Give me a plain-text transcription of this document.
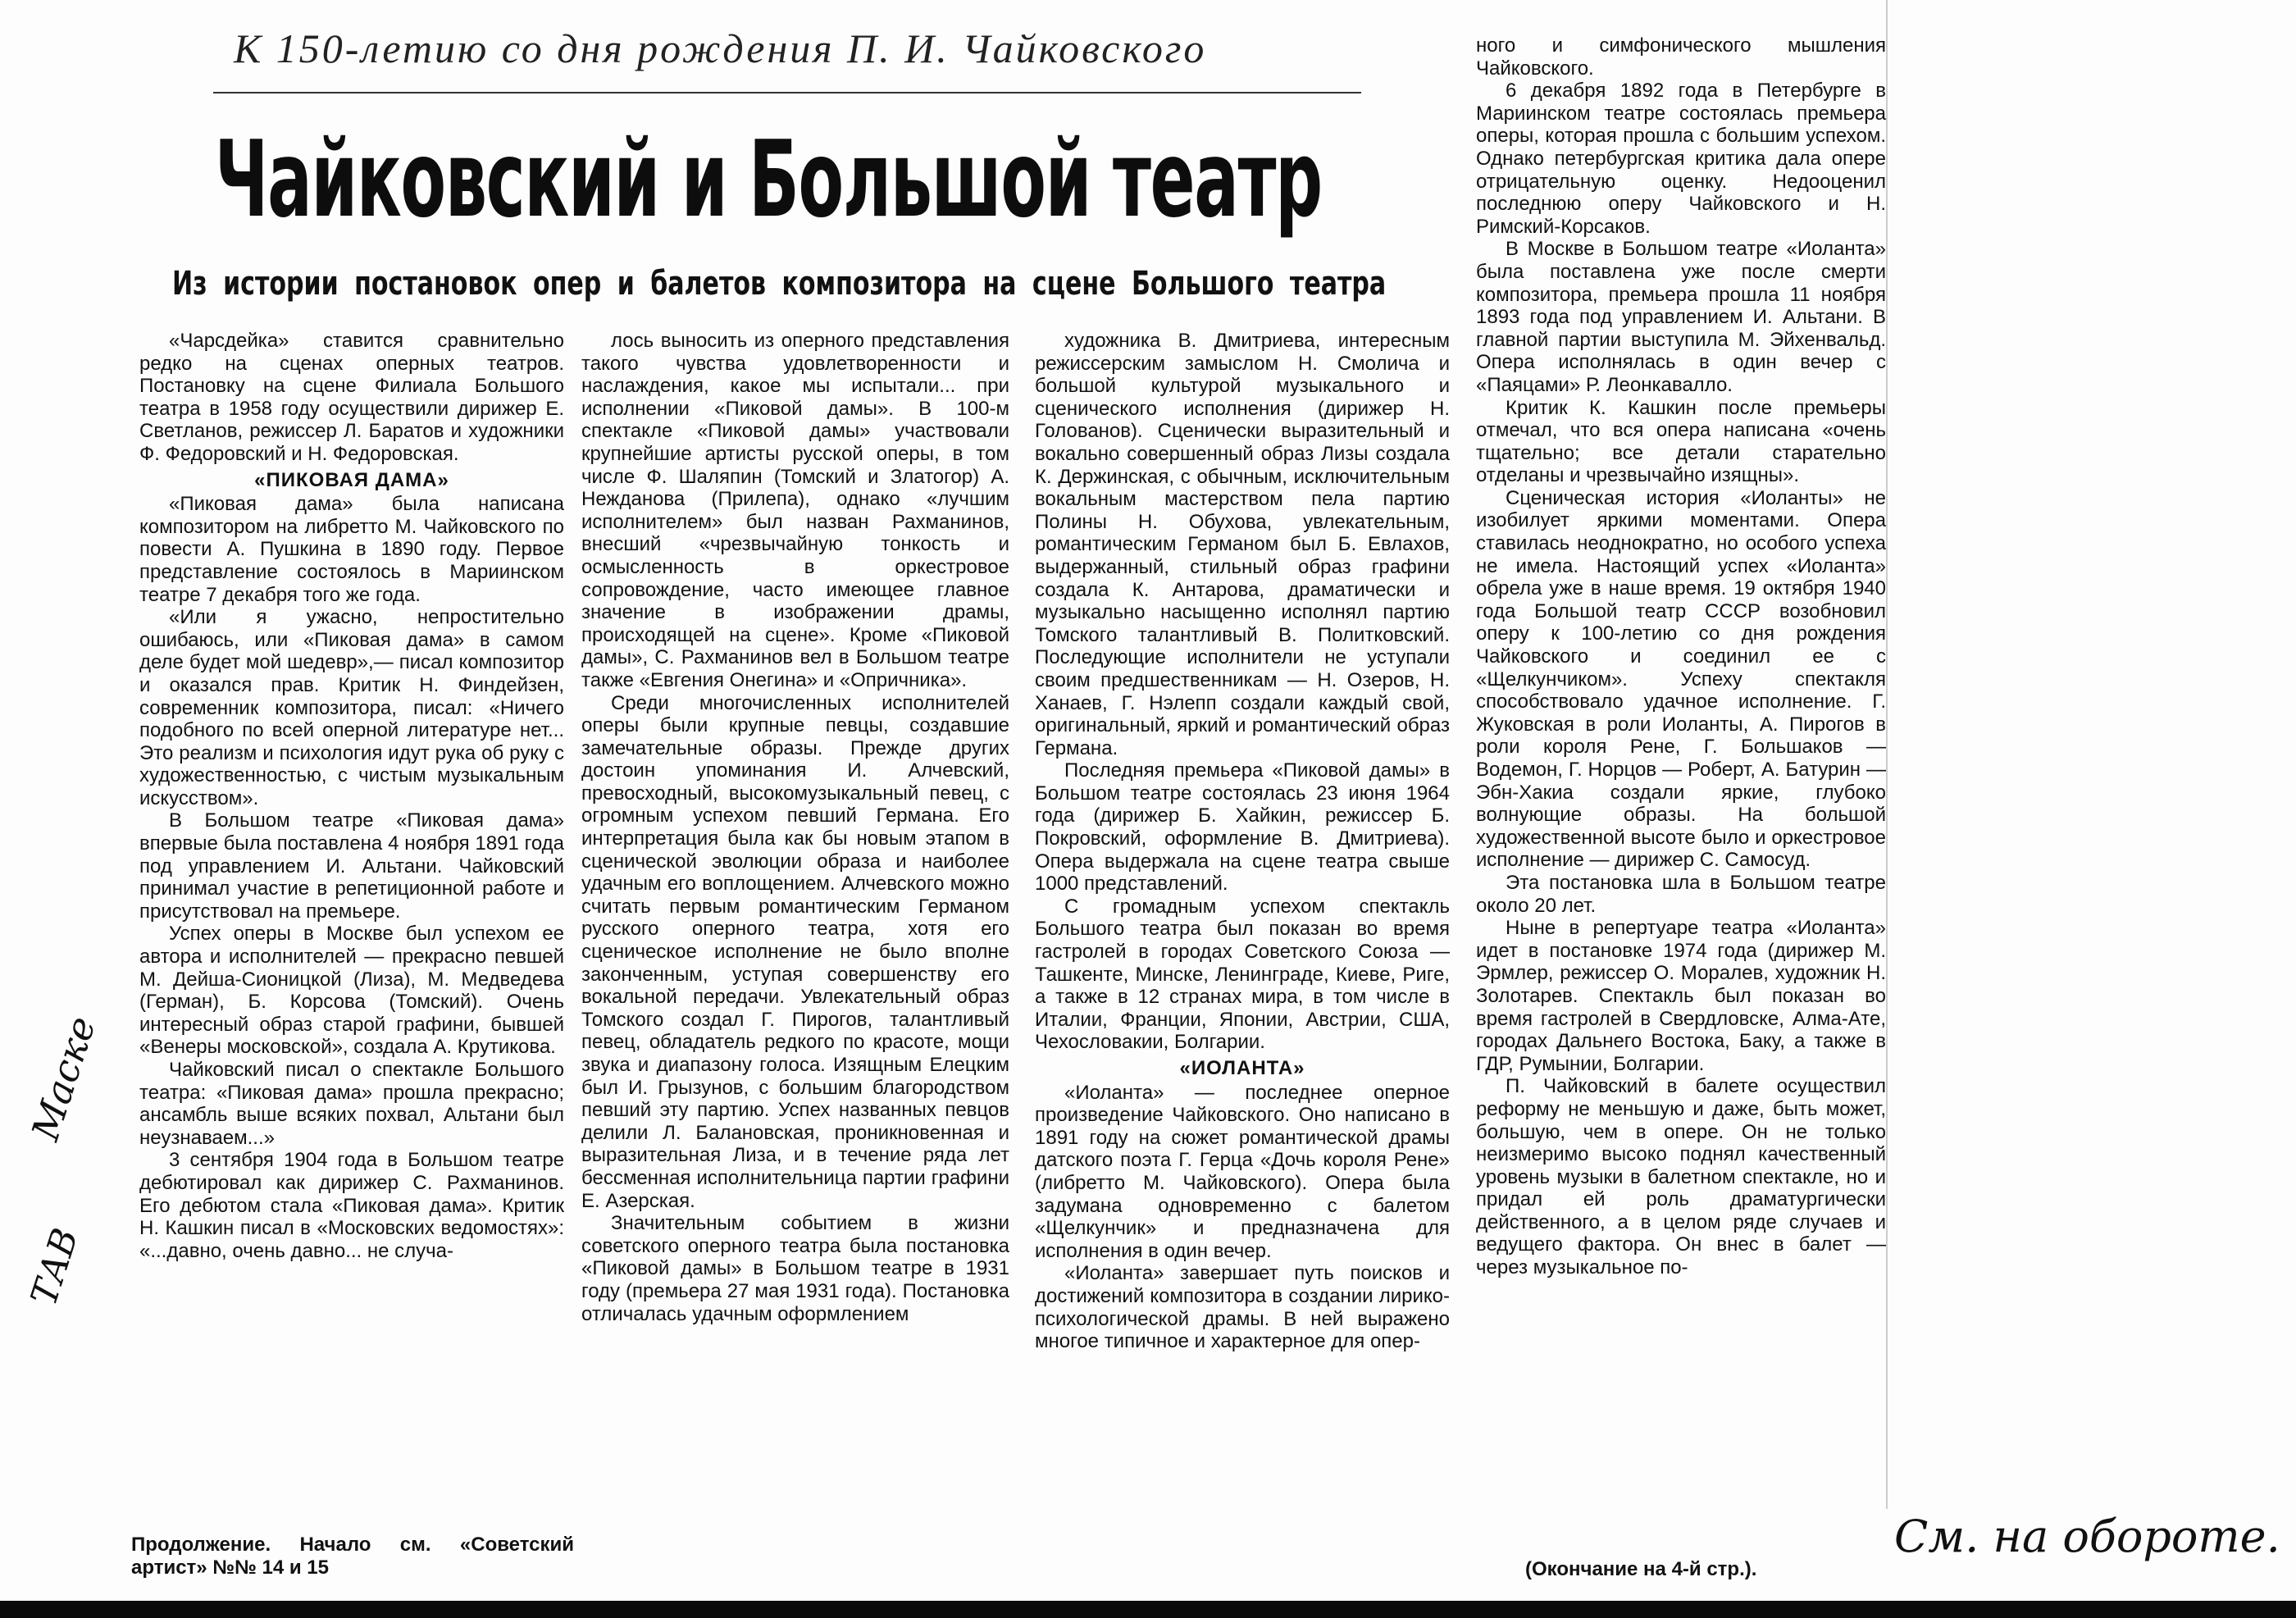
К 150-летию со дня рождения П. И. Чайковского
Чайковский и Большой театр
Из истории постановок опер и балетов композитора на сцене Большого театра

«Чарсдейка» ставится сравнительно редко на сценах оперных театров. Постановку на сцене Филиала Большого театра в 1958 году осуществили дирижер Е. Светланов, режиссер Л. Баратов и художники Ф. Федоровский и Н. Федоровская.

«ПИКОВАЯ ДАМА»

«Пиковая дама» была написана композитором на либретто М. Чайковского по повести А. Пушкина в 1890 году. Первое представление состоялось в Мариинском театре 7 декабря того же года.

«Или я ужасно, непростительно ошибаюсь, или «Пиковая дама» в самом деле будет мой шедевр»,— писал композитор и оказался прав. Критик Н. Финдейзен, современник композитора, писал: «Ничего подобного по всей оперной литературе нет... Это реализм и психология идут рука об руку с художественностью, с чистым музыкальным искусством».

В Большом театре «Пиковая дама» впервые была поставлена 4 ноября 1891 года под управлением И. Альтани. Чайковский принимал участие в репетиционной работе и присутствовал на премьере.

Успех оперы в Москве был успехом ее автора и исполнителей — прекрасно певшей М. Дейша-Сионицкой (Лиза), М. Медведева (Герман), Б. Корсова (Томский). Очень интересный образ старой графини, бывшей «Венеры московской», создала А. Крутикова.

Чайковский писал о спектакле Большого театра: «Пиковая дама» прошла прекрасно; ансамбль выше всяких похвал, Альтани был неузнаваем...»

3 сентября 1904 года в Большом театре дебютировал как дирижер С. Рахманинов. Его дебютом стала «Пиковая дама». Критик Н. Кашкин писал в «Московских ведомостях»: «...давно, очень давно... не случа-

лось выносить из оперного представления такого чувства удовлетворенности и наслаждения, какое мы испытали... при исполнении «Пиковой дамы». В 100-м спектакле «Пиковой дамы» участвовали крупнейшие артисты русской оперы, в том числе Ф. Шаляпин (Томский и Златогор) А. Нежданова (Прилепа), однако «лучшим исполнителем» был назван Рахманинов, внесший «чрезвычайную тонкость и осмысленность в оркестровое сопровождение, часто имеющее главное значение в изображении драмы, происходящей на сцене». Кроме «Пиковой дамы», С. Рахманинов вел в Большом театре также «Евгения Онегина» и «Опричника».

Среди многочисленных исполнителей оперы были крупные певцы, создавшие замечательные образы. Прежде других достоин упоминания И. Алчевский, превосходный, высокомузыкальный певец, с огромным успехом певший Германа. Его интерпретация была как бы новым этапом в сценической эволюции образа и наиболее удачным его воплощением. Алчевского можно считать первым романтическим Германом русского оперного театра, хотя его сценическое исполнение не было вполне законченным, уступая совершенству его вокальной передачи. Увлекательный образ Томского создал Г. Пирогов, талантливый певец, обладатель редкого по красоте, мощи звука и диапазону голоса. Изящным Елецким был И. Грызунов, с большим благородством певший эту партию. Успех названных певцов делили Л. Балановская, проникновенная и выразительная Лиза, и в течение ряда лет бессменная исполнительница партии графини Е. Азерская.

Значительным событием в жизни советского оперного театра была постановка «Пиковой дамы» в Большом театре в 1931 году (премьера 27 мая 1931 года). Постановка отличалась удачным оформлением

художника В. Дмитриева, интересным режиссерским замыслом Н. Смолича и большой культурой музыкального и сценического исполнения (дирижер Н. Голованов). Сценически выразительный и вокально совершенный образ Лизы создала К. Держинская, с обычным, исключительным вокальным мастерством пела партию Полины Н. Обухова, увлекательным, романтическим Германом был Б. Евлахов, выдержанный, стильный образ графини создала К. Антарова, драматически и музыкально насыщенно исполнял партию Томского талантливый В. Политковский. Последующие исполнители не уступали своим предшественникам — Н. Озеров, Н. Ханаев, Г. Нэлепп создали каждый свой, оригинальный, яркий и романтический образ Германа.

Последняя премьера «Пиковой дамы» в Большом театре состоялась 23 июня 1964 года (дирижер Б. Хайкин, режиссер Б. Покровский, оформление В. Дмитриева). Опера выдержала на сцене театра свыше 1000 представлений.

С громадным успехом спектакль Большого театра был показан во время гастролей в городах Советского Союза — Ташкенте, Минске, Ленинграде, Киеве, Риге, а также в 12 странах мира, в том числе в Италии, Франции, Японии, Австрии, США, Чехословакии, Болгарии.

«ИОЛАНТА»

«Иоланта» — последнее оперное произведение Чайковского. Оно написано в 1891 году на сюжет романтической драмы датского поэта Г. Герца «Дочь короля Рене» (либретто М. Чайковского). Опера была задумана одновременно с балетом «Щелкунчик» и предназначена для исполнения в один вечер.

«Иоланта» завершает путь поисков и достижений композитора в создании лирико-психологической драмы. В ней выражено многое типичное и характерное для опер-

ного и симфонического мышления Чайковского.

6 декабря 1892 года в Петербурге в Мариинском театре состоялась премьера оперы, которая прошла с большим успехом. Однако петербургская критика дала опере отрицательную оценку. Недооценил последнюю оперу Чайковского и Н. Римский-Корсаков.

В Москве в Большом театре «Иоланта» была поставлена уже после смерти композитора, премьера прошла 11 ноября 1893 года под управлением И. Альтани. В главной партии выступила М. Эйхенвальд. Опера исполнялась в один вечер с «Паяцами» Р. Леонкавалло.

Критик К. Кашкин после премьеры отмечал, что вся опера написана «очень тщательно; все детали старательно отделаны и чрезвычайно изящны».

Сценическая история «Иоланты» не изобилует яркими моментами. Опера ставилась неоднократно, но особого успеха не имела. Настоящий успех «Иоланта» обрела уже в наше время. 19 октября 1940 года Большой театр СССР возобновил оперу к 100-летию со дня рождения Чайковского и соединил ее с «Щелкунчиком». Успеху спектакля способствовало удачное исполнение. Г. Жуковская в роли Иоланты, А. Пирогов в роли короля Рене, Г. Большаков — Водемон, Г. Норцов — Роберт, А. Батурин — Эбн-Хакиа создали яркие, глубоко волнующие образы. На большой художественной высоте было и оркестровое исполнение — дирижер С. Самосуд.

Эта постановка шла в Большом театре около 20 лет.

Ныне в репертуаре театра «Иоланта» идет в постановке 1974 года (дирижер М. Эрмлер, режиссер О. Моралев, художник Н. Золотарев. Спектакль был показан во время гастролей в Свердловске, Алма-Ате, городах Дальнего Востока, Баку, а также в ГДР, Румынии, Болгарии.

П. Чайковский в балете осуществил реформу не меньшую и даже, быть может, большую, чем в опере. Он не только неизмеримо высоко поднял качественный уровень музыки в балетном спектакле, но и придал ей роль драматургически действенного, а в целом ряде случаев и ведущего фактора. Он внес в балет — через музыкальное по-

Продолжение. Начало см. «Советский артист» №№ 14 и 15	(Окончание на 4-й стр.).
Маске
ТАВ
См. на обороте.
